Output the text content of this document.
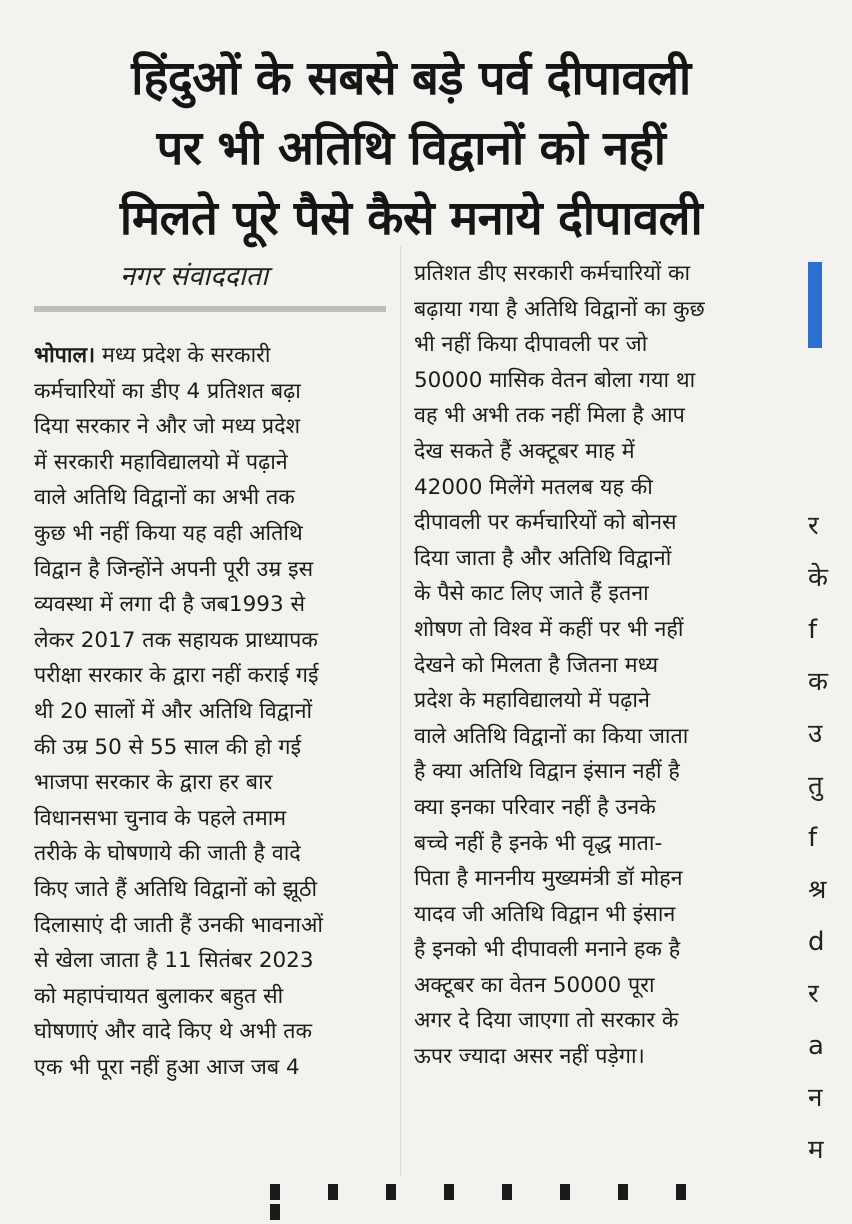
हिंदुओं के सबसे बड़े पर्व दीपावली
पर भी अतिथि विद्वानों को नहीं
मिलते पूरे पैसे कैसे मनाये दीपावली
नगर संवाददाता
भोपाल। मध्य प्रदेश के सरकारी
कर्मचारियों का डीए 4 प्रतिशत बढ़ा
दिया सरकार ने और जो मध्य प्रदेश
में सरकारी महाविद्यालयो में पढ़ाने
वाले अतिथि विद्वानों का अभी तक
कुछ भी नहीं किया यह वही अतिथि
विद्वान है जिन्होंने अपनी पूरी उम्र इस
व्यवस्था में लगा दी है जब1993 से
लेकर 2017 तक सहायक प्राध्यापक
परीक्षा सरकार के द्वारा नहीं कराई गई
थी 20 सालों में और अतिथि विद्वानों
की उम्र 50 से 55 साल की हो गई
भाजपा सरकार के द्वारा हर बार
विधानसभा चुनाव के पहले तमाम
तरीके के घोषणाये की जाती है वादे
किए जाते हैं अतिथि विद्वानों को झूठी
दिलासाएं दी जाती हैं उनकी भावनाओं
से खेला जाता है 11 सितंबर 2023
को महापंचायत बुलाकर बहुत सी
घोषणाएं और वादे किए थे अभी तक
एक भी पूरा नहीं हुआ आज जब 4
प्रतिशत डीए सरकारी कर्मचारियों का
बढ़ाया गया है अतिथि विद्वानों का कुछ
भी नहीं किया दीपावली पर जो
50000 मासिक वेतन बोला गया था
वह भी अभी तक नहीं मिला है आप
देख सकते हैं अक्टूबर माह में
42000 मिलेंगे मतलब यह की
दीपावली पर कर्मचारियों को बोनस
दिया जाता है और अतिथि विद्वानों
के पैसे काट लिए जाते हैं इतना
शोषण तो विश्व में कहीं पर भी नहीं
देखने को मिलता है जितना मध्य
प्रदेश के महाविद्यालयो में पढ़ाने
वाले अतिथि विद्वानों का किया जाता
है क्या अतिथि विद्वान इंसान नहीं है
क्या इनका परिवार नहीं है उनके
बच्चे नहीं है इनके भी वृद्ध माता-
पिता है माननीय मुख्यमंत्री डॉ मोहन
यादव जी अतिथि विद्वान भी इंसान
है इनको भी दीपावली मनाने हक है
अक्टूबर का वेतन 50000 पूरा
अगर दे दिया जाएगा तो सरकार के
ऊपर ज्यादा असर नहीं पड़ेगा।
र
के
f
क
उ
तु
f
श्र
d
र
a
न
म
